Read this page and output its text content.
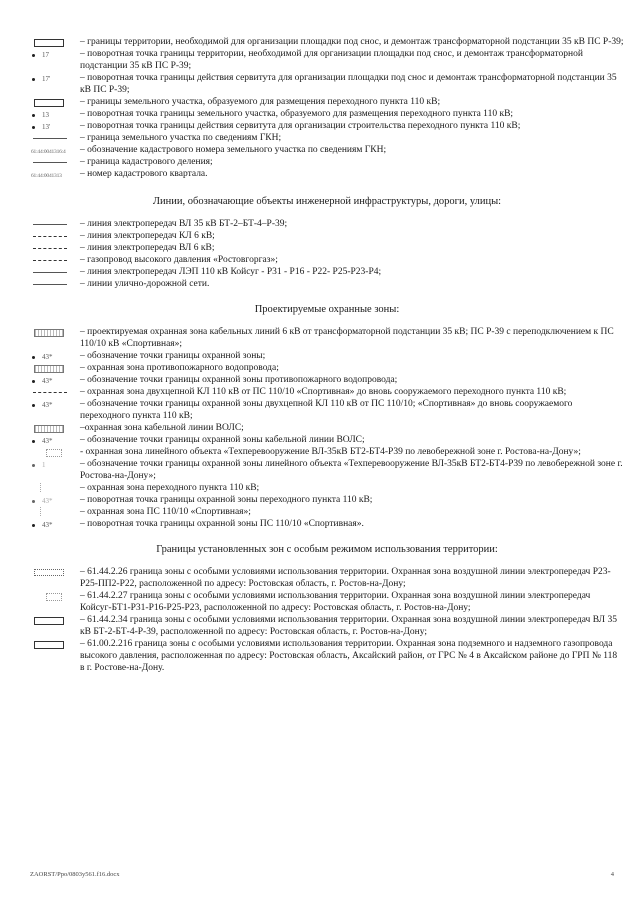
– границы территории, необходимой для организации площадки под снос, и демонтаж трансформаторной подстанции 35 кВ ПС Р-39;
17	– поворотная точка границы территории, необходимой для организации площадки под снос, и демонтаж трансформаторной подстанции 35 кВ ПС Р-39;
17'	– поворотная точка границы действия сервитута для организации площадки под снос и демонтаж трансформаторной подстанции 35 кВ ПС Р-39;
– границы земельного участка, образуемого для размещения переходного пункта 110 кВ;
13	– поворотная точка границы земельного участка, образуемого для размещения переходного пункта 110 кВ;
13'	– поворотная точка границы действия сервитута для организации строительства переходного пункта 110 кВ;
– граница земельного участка по сведениям ГКН;
61:44:0041316:4 – обозначение кадастрового номера земельного участка по сведениям ГКН;
– граница кадастрового деления;
61:44:0041313 – номер кадастрового квартала.
Линии, обозначающие объекты инженерной инфраструктуры, дороги, улицы:
– линия электропередач ВЛ 35 кВ БТ-2–БТ-4–Р-39;
– линия электропередач КЛ 6 кВ;
– линия электропередач ВЛ 6 кВ;
– газопровод высокого давления «Ростовгоргаз»;
– линия электропередач ЛЭП 110 кВ Койсуг - Р31 - Р16 - Р22- Р25-Р23-Р4;
– линии улично-дорожной сети.
Проектируемые охранные зоны:
– проектируемая охранная зона кабельных линий 6 кВ от трансформаторной подстанции 35 кВ; ПС Р-39 с переподключением к ПС 110/10 кВ «Спортивная»;
43*	– обозначение точки границы охранной зоны;
– охранная зона противопожарного водопровода;
43*	– обозначение точки границы охранной зоны противопожарного водопровода;
– охранная зона двухцепной КЛ 110 кВ от ПС 110/10 «Спортивная» до вновь сооружаемого переходного пункта 110 кВ;
43*	– обозначение точки границы охранной зоны двухцепной КЛ 110 кВ от ПС 110/10; «Спортивная» до вновь сооружаемого переходного пункта 110 кВ;
–охранная зона кабельной линии ВОЛС;
43*	– обозначение точки границы охранной зоны кабельной линии ВОЛС;
- охранная зона линейного объекта «Техперевооружение ВЛ-35кВ БТ2-БТ4-Р39 по левобережной зоне г. Ростова-на-Дону»;
1	– обозначение точки границы охранной зоны линейного объекта «Техперевооружение ВЛ-35кВ БТ2-БТ4-Р39 по левобережной зоне г. Ростова-на-Дону»;
– охранная зона переходного пункта 110 кВ;
43*	– поворотная точка границы охранной зоны переходного пункта 110 кВ;
– охранная зона ПС 110/10 «Спортивная»;
43*	– поворотная точка границы охранной зоны ПС 110/10 «Спортивная».
Границы установленных зон с особым режимом использования территории:
– 61.44.2.26 граница зоны с особыми условиями использования территории. Охранная зона воздушной линии электропередач Р23-Р25-ПП2-Р22, расположенной по адресу: Ростовская область, г. Ростов-на-Дону;
– 61.44.2.27 граница зоны с особыми условиями использования территории. Охранная зона воздушной линии электропередач Койсуг-БТ1-Р31-Р16-Р25-Р23, расположенной по адресу: Ростовская область, г. Ростов-на-Дону;
– 61.44.2.34 граница зоны с особыми условиями использования территории. Охранная зона воздушной линии электропередач ВЛ 35 кВ БТ-2-БТ-4-Р-39, расположенной по адресу: Ростовская область, г. Ростов-на-Дону;
– 61.00.2.216 граница зоны с особыми условиями использования территории. Охранная зона подземного и надземного газопровода высокого давления, расположенная по адресу: Ростовская область, Аксайский район, от ГРС № 4 в Аксайском районе до ГРП № 118 в г. Ростове-на-Дону.
ZAORST/Ppo/0803y561.f16.docx	4
